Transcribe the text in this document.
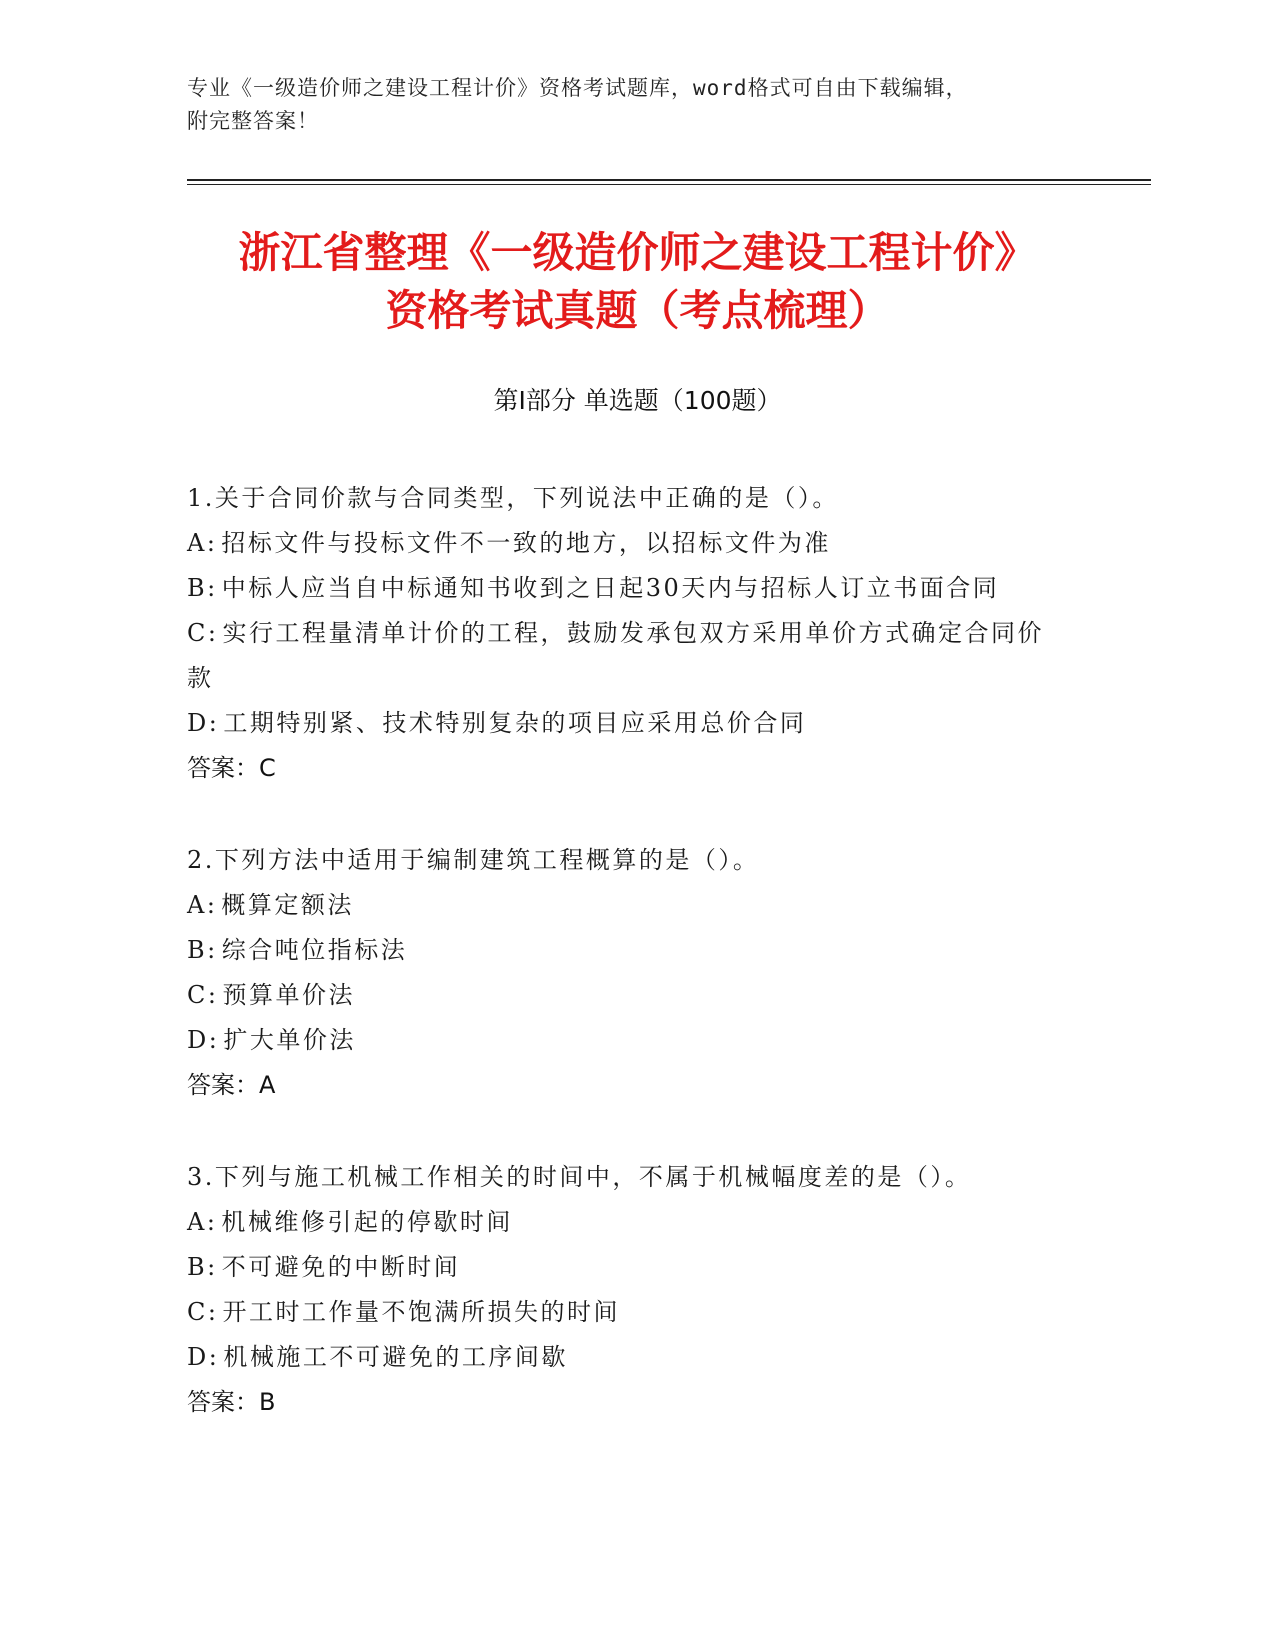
专业《一级造价师之建设工程计价》资格考试题库，word格式可自由下载编辑，
附完整答案！
浙江省整理《一级造价师之建设工程计价》
资格考试真题（考点梳理）
第Ⅰ部分 单选题（100题）
1.关于合同价款与合同类型，下列说法中正确的是（）。
A: 招标文件与投标文件不一致的地方，以招标文件为准
B: 中标人应当自中标通知书收到之日起30天内与招标人订立书面合同
C: 实行工程量清单计价的工程，鼓励发承包双方采用单价方式确定合同价款
D: 工期特别紧、技术特别复杂的项目应采用总价合同
答案：C
2.下列方法中适用于编制建筑工程概算的是（）。
A: 概算定额法
B: 综合吨位指标法
C: 预算单价法
D: 扩大单价法
答案：A
3.下列与施工机械工作相关的时间中，不属于机械幅度差的是（）。
A: 机械维修引起的停歇时间
B: 不可避免的中断时间
C: 开工时工作量不饱满所损失的时间
D: 机械施工不可避免的工序间歇
答案：B
